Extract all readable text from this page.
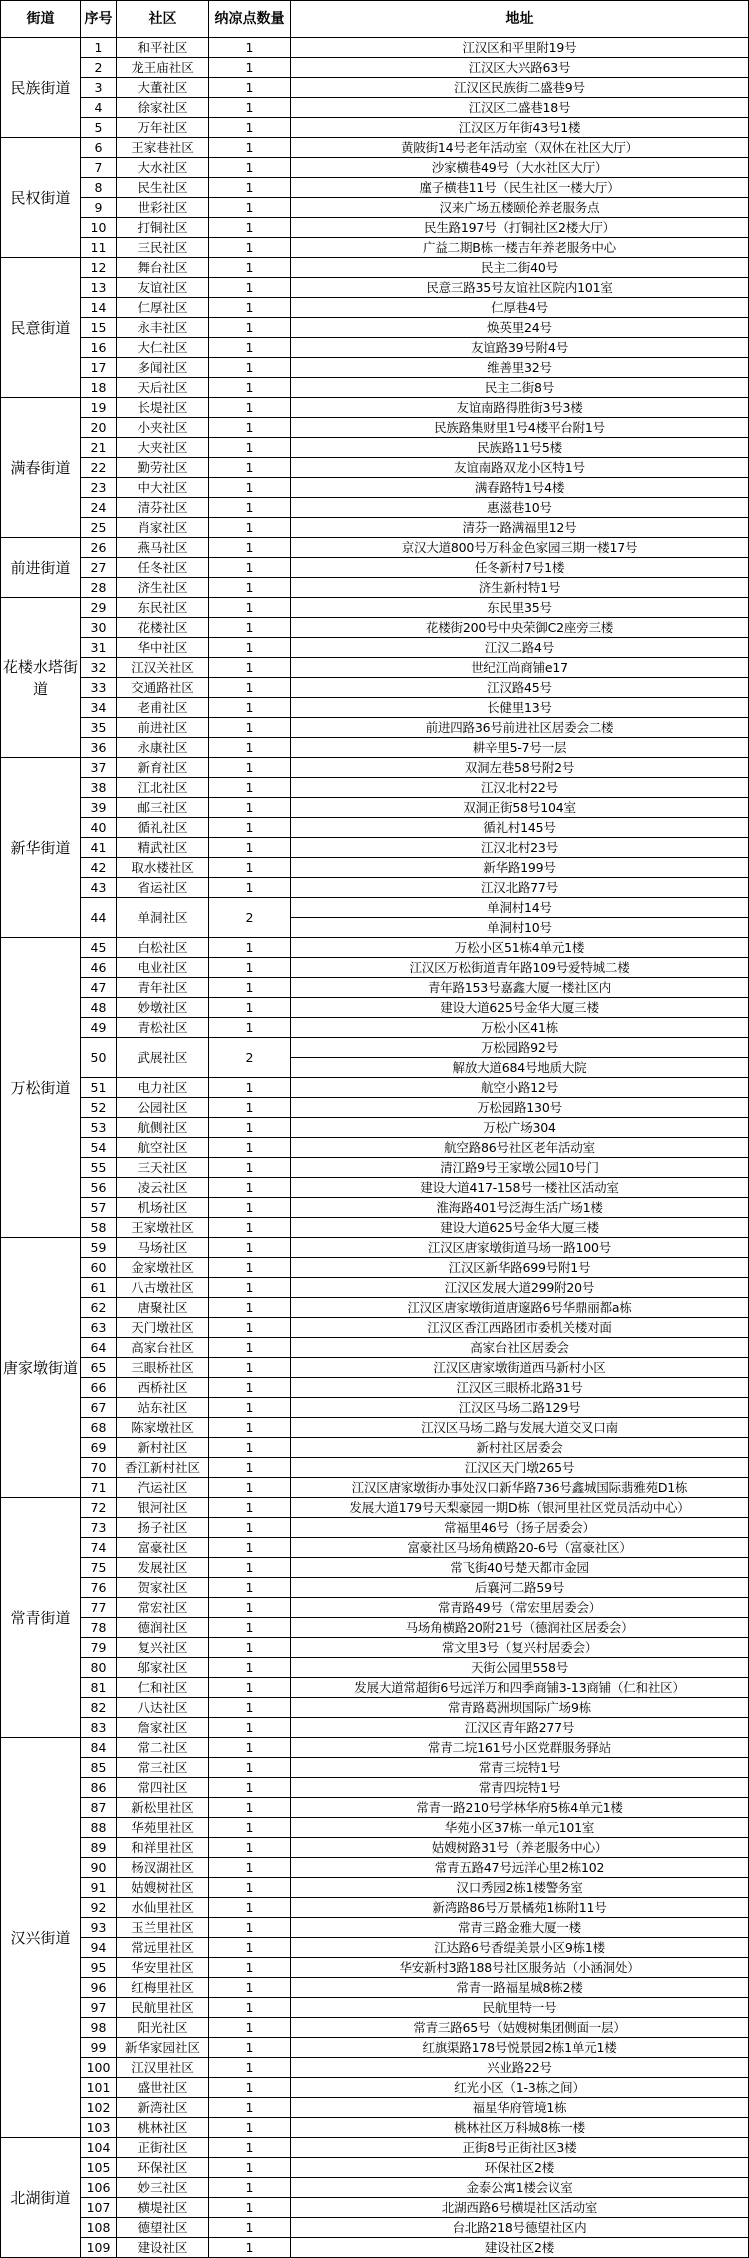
街道	序号	社区	纳凉点数量	地址
民族街道	1	和平社区	1	江汉区和平里附19号
	2	龙王庙社区	1	江汉区大兴路63号
	3	大董社区	1	江汉区民族街二盛巷9号
	4	徐家社区	1	江汉区二盛巷18号
	5	万年社区	1	江汉区万年街43号1楼
民权街道	6	王家巷社区	1	黄陂街14号老年活动室（双休在社区大厅）
	7	大水社区	1	沙家横巷49号（大水社区大厅）
	8	民生社区	1	廑子横巷11号（民生社区一楼大厅）
	9	世彩社区	1	汉来广场五楼颐伦养老服务点
	10	打铜社区	1	民生路197号（打铜社区2楼大厅）
	11	三民社区	1	广益二期B栋一楼吉年养老服务中心
民意街道	12	舞台社区	1	民主二街40号
	13	友谊社区	1	民意三路35号友谊社区院内101室
	14	仁厚社区	1	仁厚巷4号
	15	永丰社区	1	焕英里24号
	16	大仁社区	1	友谊路39号附4号
	17	多闻社区	1	维善里32号
	18	天后社区	1	民主二街8号
满春街道	19	长堤社区	1	友谊南路得胜街3号3楼
	20	小夹社区	1	民族路集财里1号4楼平台附1号
	21	大夹社区	1	民族路11号5楼
	22	勤劳社区	1	友谊南路双龙小区特1号
	23	中大社区	1	满春路特1号4楼
	24	清芬社区	1	惠滋巷10号
	25	肖家社区	1	清芬一路满福里12号
前进街道	26	燕马社区	1	京汉大道800号万科金色家园三期一楼17号
	27	任冬社区	1	任冬新村7号1楼
	28	济生社区	1	济生新村特1号
花楼水塔街道	29	东民社区	1	东民里35号
	30	花楼社区	1	花楼街200号中央荣御C2座旁三楼
	31	华中社区	1	江汉二路4号
	32	江汉关社区	1	世纪江尚商铺e17
	33	交通路社区	1	江汉路45号
	34	老甫社区	1	长健里13号
	35	前进社区	1	前进四路36号前进社区居委会二楼
	36	永康社区	1	耕辛里5-7号一层
新华街道	37	新育社区	1	双洞左巷58号附2号
	38	江北社区	1	江汉北村22号
	39	邮三社区	1	双洞正街58号104室
	40	循礼社区	1	循礼村145号
	41	精武社区	1	江汉北村23号
	42	取水楼社区	1	新华路199号
	43	省运社区	1	江汉北路77号
	44	单洞社区	2	单洞村14号
				单洞村10号
万松街道	45	白松社区	1	万松小区51栋4单元1楼
	46	电业社区	1	江汉区万松街道青年路109号爱特城二楼
	47	青年社区	1	青年路153号嘉鑫大厦一楼社区内
	48	妙墩社区	1	建设大道625号金华大厦三楼
	49	青松社区	1	万松小区41栋
	50	武展社区	2	万松园路92号
				解放大道684号地质大院
	51	电力社区	1	航空小路12号
	52	公园社区	1	万松园路130号
	53	航侧社区	1	万松广场304
	54	航空社区	1	航空路86号社区老年活动室
	55	三天社区	1	清江路9号王家墩公园10号门
	56	凌云社区	1	建设大道417-158号一楼社区活动室
	57	机场社区	1	淮海路401号泛海生活广场1楼
	58	王家墩社区	1	建设大道625号金华大厦三楼
唐家墩街道	59	马场社区	1	江汉区唐家墩街道马场一路100号
	60	金家墩社区	1	江汉区新华路699号附1号
	61	八古墩社区	1	江汉区发展大道299附20号
	62	唐聚社区	1	江汉区唐家墩街道唐邃路6号华鼎丽都a栋
	63	天门墩社区	1	江汉区香江西路团市委机关楼对面
	64	高家台社区	1	高家台社区居委会
	65	三眼桥社区	1	江汉区唐家墩街道西马新村小区
	66	西桥社区	1	江汉区三眼桥北路31号
	67	站东社区	1	江汉区马场二路129号
	68	陈家墩社区	1	江汉区马场二路与发展大道交叉口南
	69	新村社区	1	新村社区居委会
	70	香江新村社区	1	江汉区天门墩265号
	71	汽运社区	1	江汉区唐家墩街办事处汉口新华路736号鑫城国际翡雅苑D1栋
常青街道	72	银河社区	1	发展大道179号天梨豪园一期D栋（银河里社区党员活动中心）
	73	扬子社区	1	常福里46号（扬子居委会）
	74	富豪社区	1	富豪社区马场角横路20-6号（富豪社区）
	75	发展社区	1	常飞街40号楚天都市金园
	76	贺家社区	1	后襄河二路59号
	77	常宏社区	1	常青路49号（常宏里居委会）
	78	德润社区	1	马场角横路20附21号（德润社区居委会）
	79	复兴社区	1	常文里3号（复兴村居委会）
	80	邬家社区	1	天街公园里558号
	81	仁和社区	1	发展大道常超街6号远洋万和四季商铺3-13商铺（仁和社区）
	82	八达社区	1	常青路葛洲坝国际广场9栋
	83	詹家社区	1	江汉区青年路277号
汉兴街道	84	常二社区	1	常青二垸161号小区党群服务驿站
	85	常三社区	1	常青三垸特1号
	86	常四社区	1	常青四垸特1号
	87	新松里社区	1	常青一路210号学林华府5栋4单元1楼
	88	华苑里社区	1	华苑小区37栋一单元101室
	89	和祥里社区	1	姑嫂树路31号（养老服务中心）
	90	杨汊湖社区	1	常青五路47号远洋心里2栋102
	91	姑嫂树社区	1	汉口秀园2栋1楼警务室
	92	水仙里社区	1	新湾路86号万景橘苑1栋附11号
	93	玉兰里社区	1	常青三路金雅大厦一楼
	94	常远里社区	1	江达路6号香缇美景小区9栋1楼
	95	华安里社区	1	华安新村3路188号社区服务站（小涵洞处）
	96	红梅里社区	1	常青一路福星城8栋2楼
	97	民航里社区	1	民航里特一号
	98	阳光社区	1	常青三路65号（姑嫂树集团侧面一层）
	99	新华家园社区	1	红旗渠路178号悦景园2栋1单元1楼
	100	江汉里社区	1	兴业路22号
	101	盛世社区	1	红光小区（1-3栋之间）
	102	新湾社区	1	福星华府管境1栋
	103	桃林社区	1	桃林社区万科城8栋一楼
北湖街道	104	正街社区	1	正街8号正街社区3楼
	105	环保社区	1	环保社区2楼
	106	妙三社区	1	金泰公寓1楼会议室
	107	横堤社区	1	北湖西路6号横堤社区活动室
	108	德望社区	1	台北路218号德望社区内
	109	建设社区	1	建设社区2楼
